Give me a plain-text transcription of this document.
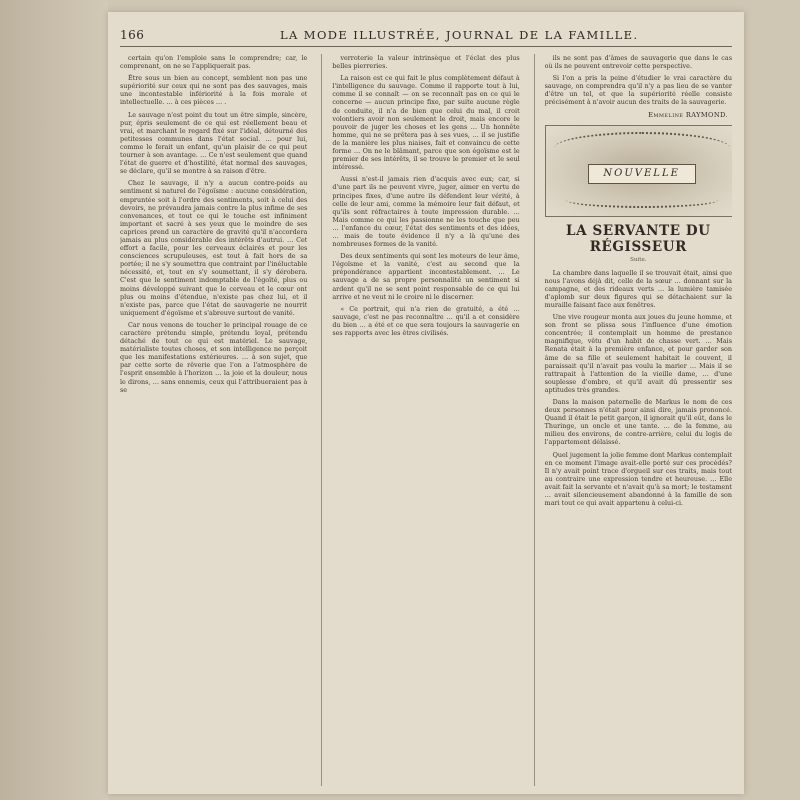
166	LA MODE ILLUSTRÉE, JOURNAL DE LA FAMILLE.

certain qu'on l'emploie sans le comprendre; car, le comprenant, on ne se l'appliquerait pas.

Être sous un bien au concept, semblent non pas une supériorité sur ceux qui ne sont pas des sauvages, mais une incontestable infériorité à la fois morale et intellectuelle. … à ces pièces … .

Le sauvage n'est point du tout un être simple, sincère, pur, épris seulement de ce qui est réellement beau et vrai, et marchant le regard fixé sur l'idéal, détourné des petitesses communes dans l'état social. … pour lui, comme le ferait un enfant, qu'un plaisir de ce qui peut tourner à son avantage. … Ce n'est seulement que quand l'état de guerre et d'hostilité, état normal des sauvages, se déclare, qu'il se montre à sa raison d'être.

Chez le sauvage, il n'y a aucun contre-poids au sentiment si naturel de l'égoïsme : aucune considération, empruntée soit à l'ordre des sentiments, soit à celui des devoirs, ne prévaudra jamais contre la plus infime de ses convenances, et tout ce qui le touche est infiniment important et sacré à ses yeux que le moindre de ses caprices prend un caractère de gravité qu'il n'accordera jamais au plus considérable des intérêts d'autrui. … Cet effort a facile, pour les cerveaux éclairés et pour les consciences scrupuleuses, est tout à fait hors de sa portée; il ne s'y soumettra que contraint par l'inéluctable nécessité, et, tout en s'y soumettant, il s'y dérobera. C'est que le sentiment indomptable de l'égoïté, plus ou moins développé suivant que le cerveau et le cœur ont plus ou moins d'étendue, n'existe pas chez lui, et il n'existe pas, parce que l'état de sauvagerie ne nourrit uniquement d'égoïsme et s'abreuve surtout de vanité.

Car nous venons de toucher le principal rouage de ce caractère prétendu simple, prétendu loyal, prétendu détaché de tout ce qui est matériel. Le sauvage, matérialiste toutes choses, et son intelligence ne perçoit que les manifestations extérieures. … à son sujet, que par cette sorte de rêverie que l'on a l'atmosphère de l'esprit ensemble à l'horizon … la joie et la douleur, nous le dirons, … sans ennemis, ceux qui l'attribueraient pas à se

verroterie la valeur intrinsèque et l'éclat des plus belles pierreries.

La raison est ce qui fait le plus complètement défaut à l'intelligence du sauvage. Comme il rapporte tout à lui, comme il se connaît — on se reconnaît pas en ce qui le concerne — aucun principe fixe, par suite aucune règle de conduite, il n'a de bien que celui du mal, il croit volontiers avoir non seulement le droit, mais encore le pouvoir de juger les choses et les gens … Un honnête homme, qui ne se prêtera pas à ses vues, … il se justifie de la manière les plus niaises, fait et convaincu de cette forme … On ne le blâmant, parce que son égoïsme est le premier de ses intérêts, il se trouve le premier et le seul intéressé.

Aussi n'est-il jamais rien d'acquis avec eux; car, si d'une part ils ne peuvent vivre, juger, aimer en vertu de principes fixes, d'une autre ils défendent leur vérité, à celle de leur ami, comme la mémoire leur fait défaut, et qu'ils sont réfractaires à toute impression durable. … Mais comme ce qui les passionne ne les touche que peu … l'enfance du cœur, l'état des sentiments et des idées, … mais de toute évidence il n'y a là qu'une des nombreuses formes de la vanité.

Des deux sentiments qui sont les moteurs de leur âme, l'égoïsme et la vanité, c'est au second que la prépondérance appartient incontestablement. … Le sauvage a de sa propre personnalité un sentiment si ardent qu'il ne se sent point responsable de ce qui lui arrive et ne veut ni le croire ni le discerner.

« Ce portrait, qui n'a rien de gratuité, a été … sauvage, c'est ne pas reconnaître … qu'il a et considère du bien … a été et ce que sera toujours la sauvagerie en ses rapports avec les êtres civilisés.

ils ne sont pas d'âmes de sauvagerie que dans le cas où ils ne peuvent entrevoir cette perspective.

Si l'on a pris la peine d'étudier le vrai caractère du sauvage, on comprendra qu'il n'y a pas lieu de se vanter d'être un tel, et que la supériorité réelle consiste précisément à n'avoir aucun des traits de la sauvagerie.

Emmeline RAYMOND.
NOUVELLE
LA SERVANTE DU RÉGISSEUR
Suite.

La chambre dans laquelle il se trouvait était, ainsi que nous l'avons déjà dit, celle de la sœur … donnant sur la campagne, et des rideaux verts … la lumière tamisée d'aplomb sur deux figures qui se détachaient sur la muraille faisant face aux fenêtres.

Une vive rougeur monta aux joues du jeune homme, et son front se plissa sous l'influence d'une émotion concentrée; il contemplait un homme de prestance magnifique, vêtu d'un habit de chasse vert. … Mais Renata était à la première enfance, et pour garder son âme de sa fille et seulement habitait le couvent, il paraissait qu'il n'avait pas voulu la marier … Mais il se rattrapait à l'attention de la vieille dame, … d'une souplesse d'ombre, et qu'il avait dû pressentir ses aptitudes très grandes.

Dans la maison paternelle de Markus le nom de ces deux personnes n'était pour ainsi dire, jamais prononcé. Quand il était le petit garçon, il ignorait qu'il eût, dans le Thuringe, un oncle et une tante. … de la femme, au milieu des environs, de contre-arrière, celui du logis de l'appartement délaissé.

Quel jugement la jolie femme dont Markus contemplait en ce moment l'image avait-elle porté sur ces procédés? Il n'y avait point trace d'orgueil sur ces traits, mais tout au contraire une expression tendre et heureuse. … Elle avait fait la servante et n'avait qu'à sa mort; le testament … avait silencieusement abandonné à la famille de son mari tout ce qui avait appartenu à celui-ci.
